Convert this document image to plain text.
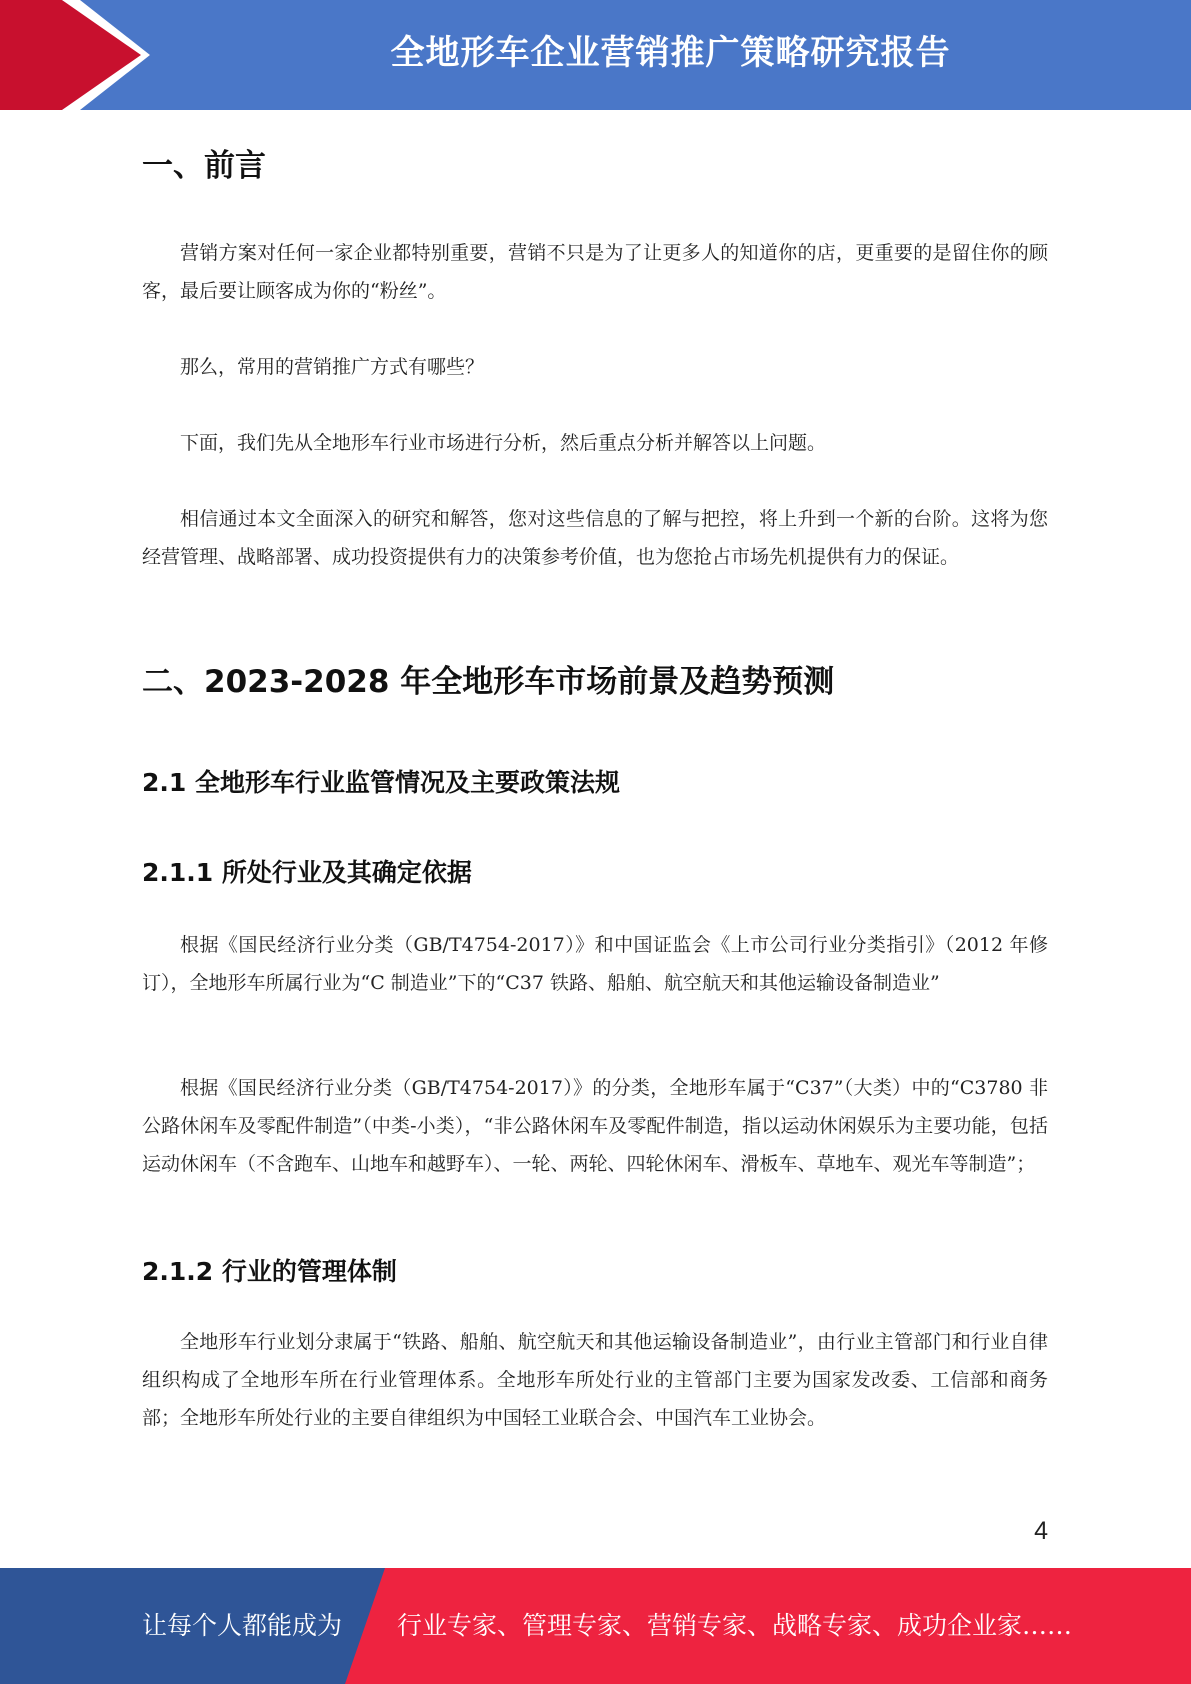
全地形车企业营销推广策略研究报告
一、前言

营销方案对任何一家企业都特别重要，营销不只是为了让更多人的知道你的店，更重要的是留住你的顾客，最后要让顾客成为你的“粉丝”。

那么，常用的营销推广方式有哪些？

下面，我们先从全地形车行业市场进行分析，然后重点分析并解答以上问题。

相信通过本文全面深入的研究和解答，您对这些信息的了解与把控，将上升到一个新的台阶。这将为您经营管理、战略部署、成功投资提供有力的决策参考价值，也为您抢占市场先机提供有力的保证。

二、2023-2028 年全地形车市场前景及趋势预测
2.1 全地形车行业监管情况及主要政策法规
2.1.1 所处行业及其确定依据

根据《国民经济行业分类（GB/T4754-2017）》和中国证监会《上市公司行业分类指引》（2012 年修订），全地形车所属行业为“C 制造业”下的“C37 铁路、船舶、航空航天和其他运输设备制造业”

根据《国民经济行业分类（GB/T4754-2017）》的分类，全地形车属于“C37”（大类）中的“C3780 非公路休闲车及零配件制造”（中类-小类），“非公路休闲车及零配件制造，指以运动休闲娱乐为主要功能，包括运动休闲车（不含跑车、山地车和越野车）、一轮、两轮、四轮休闲车、滑板车、草地车、观光车等制造”；

2.1.2 行业的管理体制

全地形车行业划分隶属于“铁路、船舶、航空航天和其他运输设备制造业”，由行业主管部门和行业自律组织构成了全地形车所在行业管理体系。全地形车所处行业的主管部门主要为国家发改委、工信部和商务部；全地形车所处行业的主要自律组织为中国轻工业联合会、中国汽车工业协会。

4
让每个人都能成为 行业专家、管理专家、营销专家、战略专家、成功企业家……
